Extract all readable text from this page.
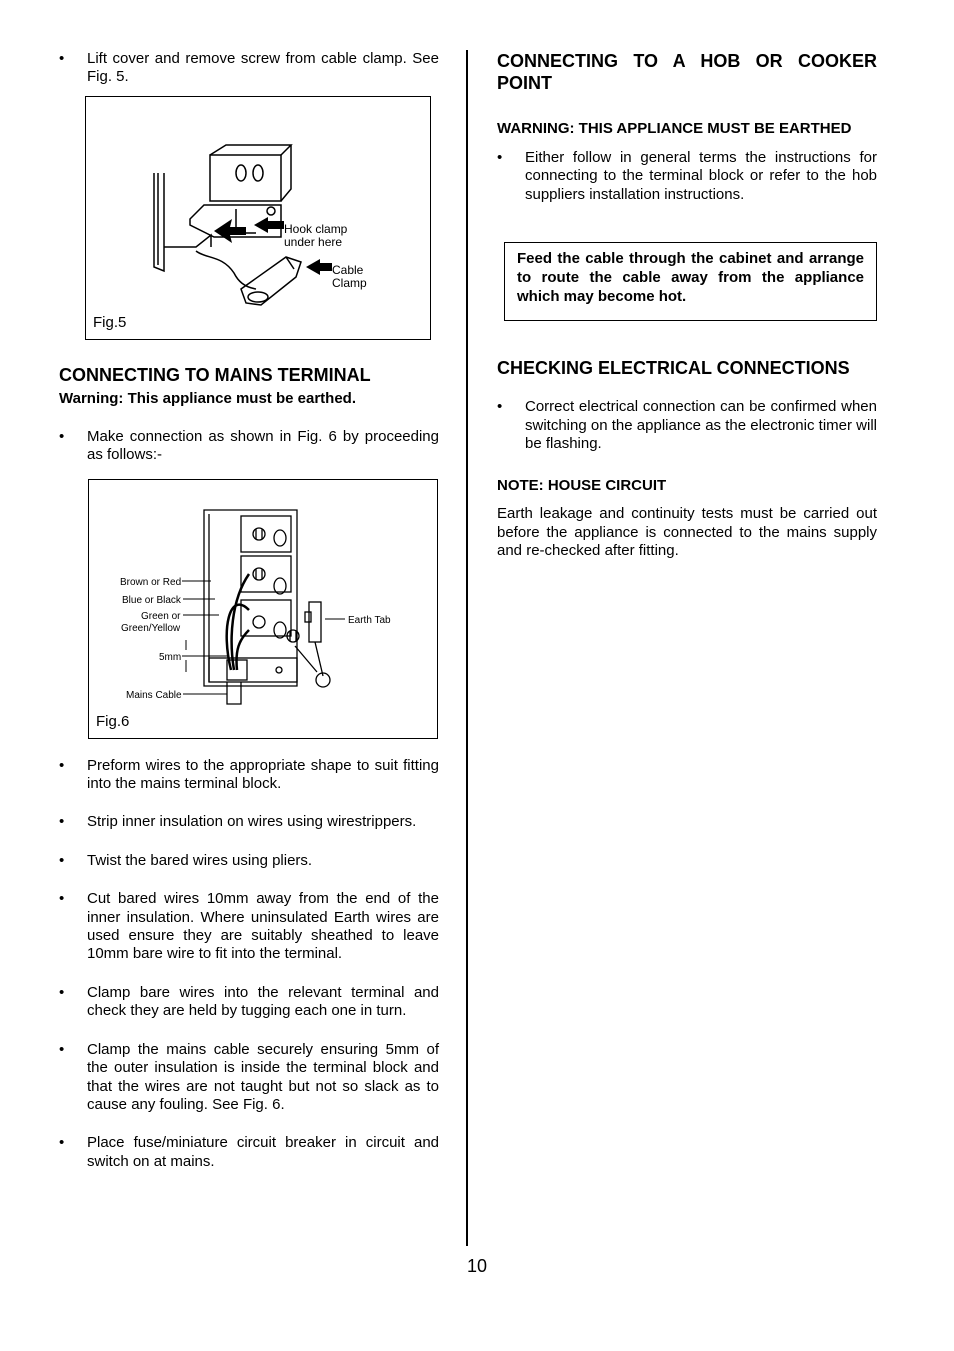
• Lift cover and remove screw from cable clamp. See Fig. 5.
Hook clamp
under here
Cable
Clamp
Fig.5
CONNECTING TO MAINS TERMINAL
Warning: This appliance must be earthed.
• Make connection as shown in Fig. 6 by proceeding as follows:-
Brown or Red
Blue or Black
Green or
Green/Yellow
5mm
Mains Cable
Earth Tab
Fig.6
• Preform wires to the appropriate shape to suit fitting into the mains terminal block.
• Strip inner insulation on wires using wirestrippers.
• Twist the bared wires using pliers.
• Cut bared wires 10mm away from the end of the inner insulation. Where uninsulated Earth wires are used ensure they are suitably sheathed to leave 10mm bare wire to fit into the terminal.
• Clamp bare wires into the relevant terminal and check they are held by tugging each one in turn.
• Clamp the mains cable securely ensuring 5mm of the outer insulation is inside the terminal block and that the wires are not taught but not so slack as to cause any fouling. See Fig. 6.
• Place fuse/miniature circuit breaker in circuit and switch on at mains.
CONNECTING TO A HOB OR COOKER POINT
WARNING: THIS APPLIANCE MUST BE EARTHED
• Either follow in general terms the instructions for connecting to the terminal block or refer to the hob suppliers installation instructions.
Feed the cable through the cabinet and arrange to route the cable away from the appliance which may become hot.
CHECKING ELECTRICAL CONNECTIONS
• Correct electrical connection can be confirmed when switching on the appliance as the electronic timer will be flashing.
NOTE: HOUSE CIRCUIT
Earth leakage and continuity tests must be carried out before the appliance is connected to the mains supply and re-checked after fitting.
10
